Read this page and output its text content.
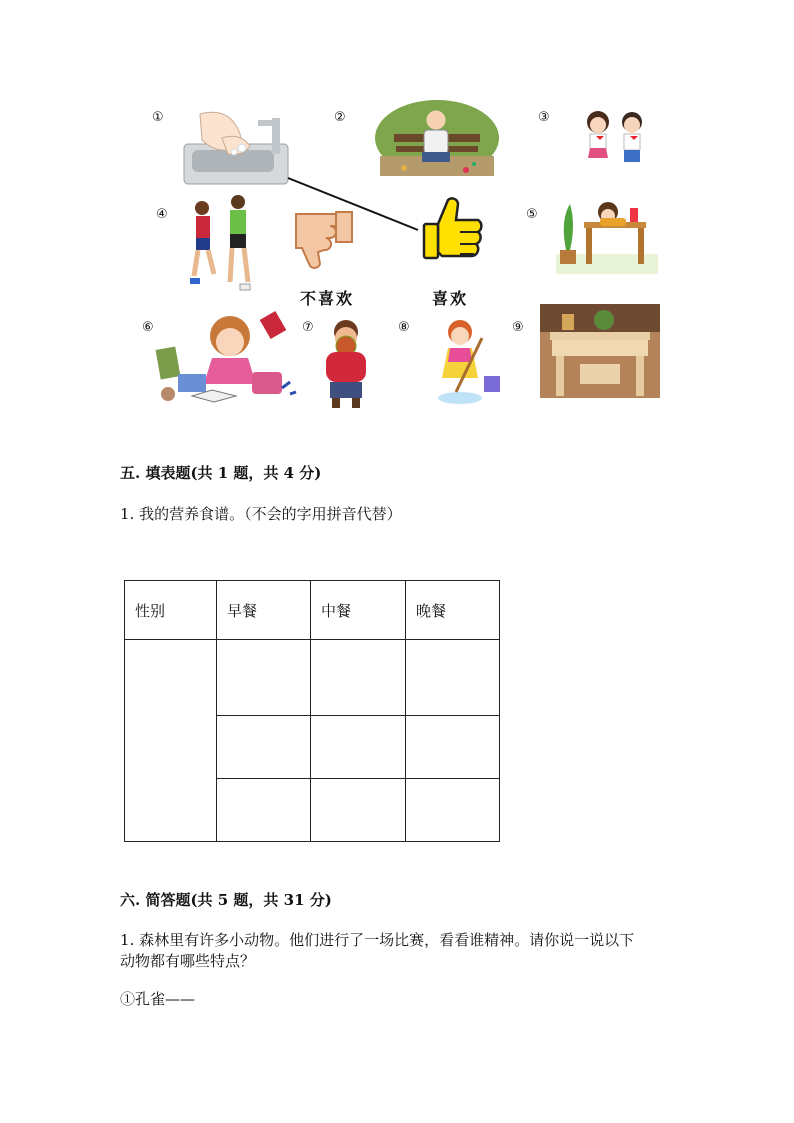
①	②	③
④	⑤
⑥	⑦	⑧	⑨
不喜欢	喜欢
五. 填表题(共 1 题，共 4 分)
1. 我的营养食谱。（不会的字用拼音代替）
性别	早餐	中餐	晚餐

六. 简答题(共 5 题，共 31 分)
1. 森林里有许多小动物。他们进行了一场比赛，看看谁精神。请你说一说以下
动物都有哪些特点？
①孔雀——
